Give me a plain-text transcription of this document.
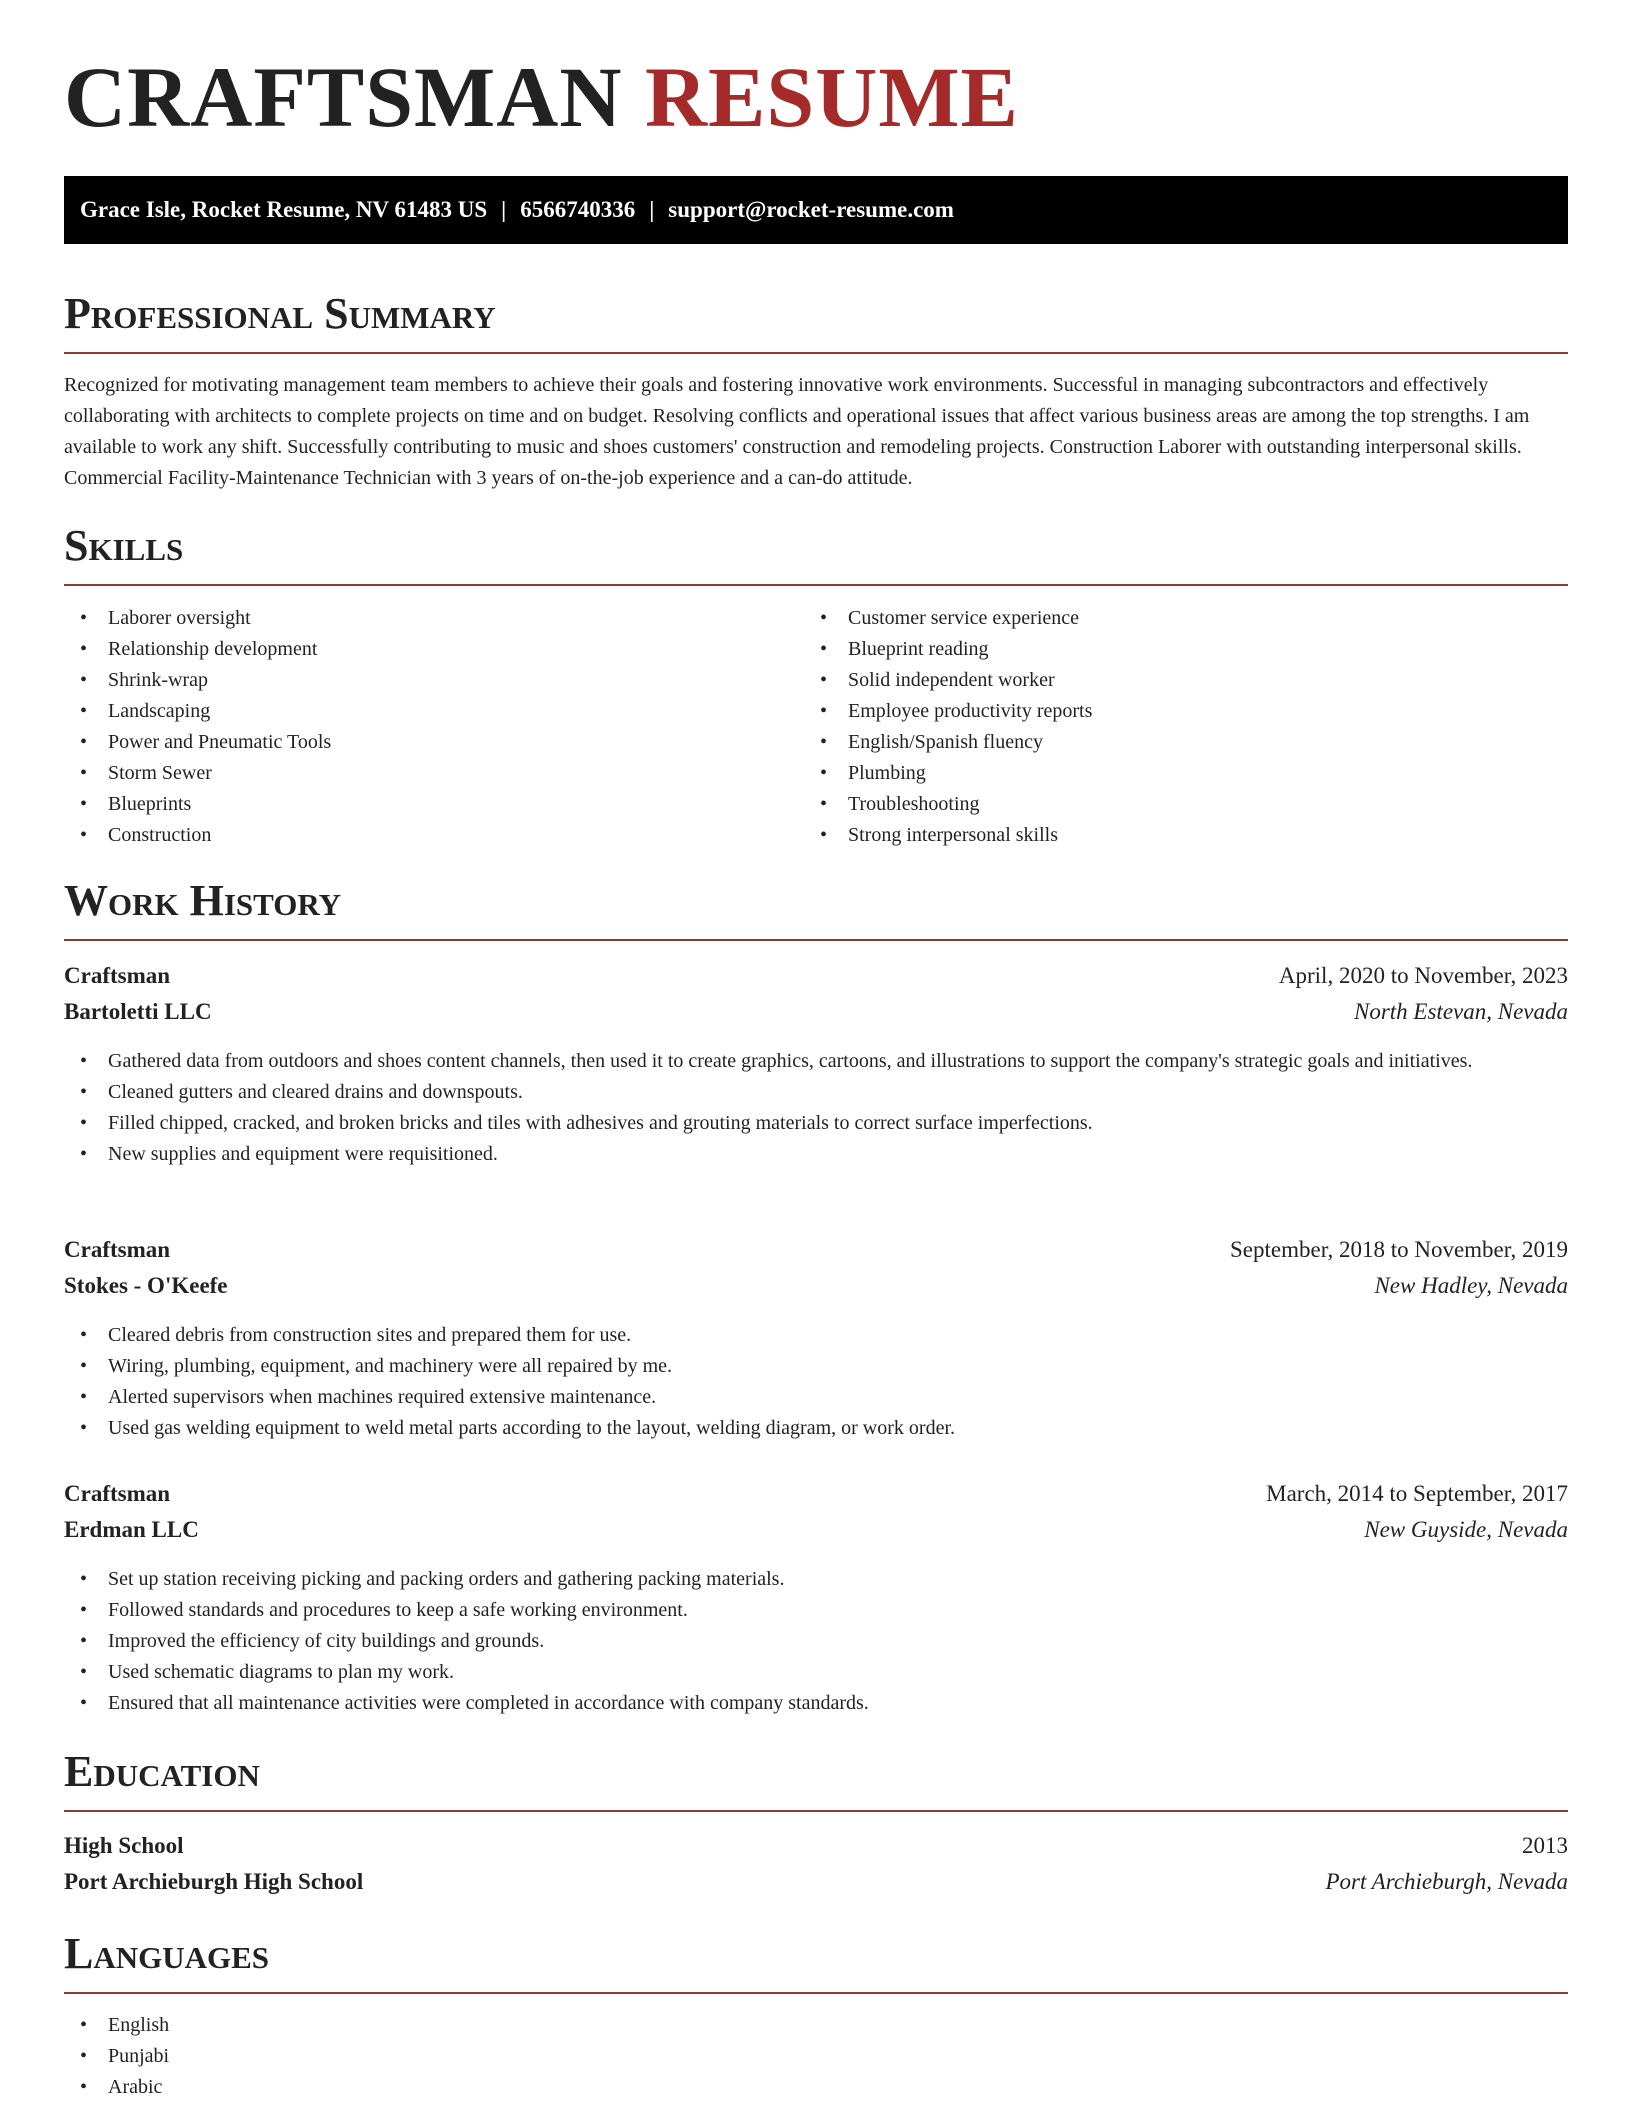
CRAFTSMAN RESUME
Grace Isle, Rocket Resume, NV 61483 US | 6566740336 | support@rocket-resume.com
Professional Summary

Recognized for motivating management team members to achieve their goals and fostering innovative work environments. Successful in managing subcontractors and effectively collaborating with architects to complete projects on time and on budget. Resolving conflicts and operational issues that affect various business areas are among the top strengths. I am available to work any shift. Successfully contributing to music and shoes customers' construction and remodeling projects. Construction Laborer with outstanding interpersonal skills. Commercial Facility-Maintenance Technician with 3 years of on-the-job experience and a can-do attitude.

Skills
• Laborer oversight
• Relationship development
• Shrink-wrap
• Landscaping
• Power and Pneumatic Tools
• Storm Sewer
• Blueprints
• Construction
• Customer service experience
• Blueprint reading
• Solid independent worker
• Employee productivity reports
• English/Spanish fluency
• Plumbing
• Troubleshooting
• Strong interpersonal skills
Work History
Craftsman	April, 2020 to November, 2023
Bartoletti LLC	North Estevan, Nevada
• Gathered data from outdoors and shoes content channels, then used it to create graphics, cartoons, and illustrations to support the company's strategic goals and initiatives.
• Cleaned gutters and cleared drains and downspouts.
• Filled chipped, cracked, and broken bricks and tiles with adhesives and grouting materials to correct surface imperfections.
• New supplies and equipment were requisitioned.
Craftsman	September, 2018 to November, 2019
Stokes - O'Keefe	New Hadley, Nevada
• Cleared debris from construction sites and prepared them for use.
• Wiring, plumbing, equipment, and machinery were all repaired by me.
• Alerted supervisors when machines required extensive maintenance.
• Used gas welding equipment to weld metal parts according to the layout, welding diagram, or work order.
Craftsman	March, 2014 to September, 2017
Erdman LLC	New Guyside, Nevada
• Set up station receiving picking and packing orders and gathering packing materials.
• Followed standards and procedures to keep a safe working environment.
• Improved the efficiency of city buildings and grounds.
• Used schematic diagrams to plan my work.
• Ensured that all maintenance activities were completed in accordance with company standards.
Education
High School	2013
Port Archieburgh High School	Port Archieburgh, Nevada
Languages
• English
• Punjabi
• Arabic
